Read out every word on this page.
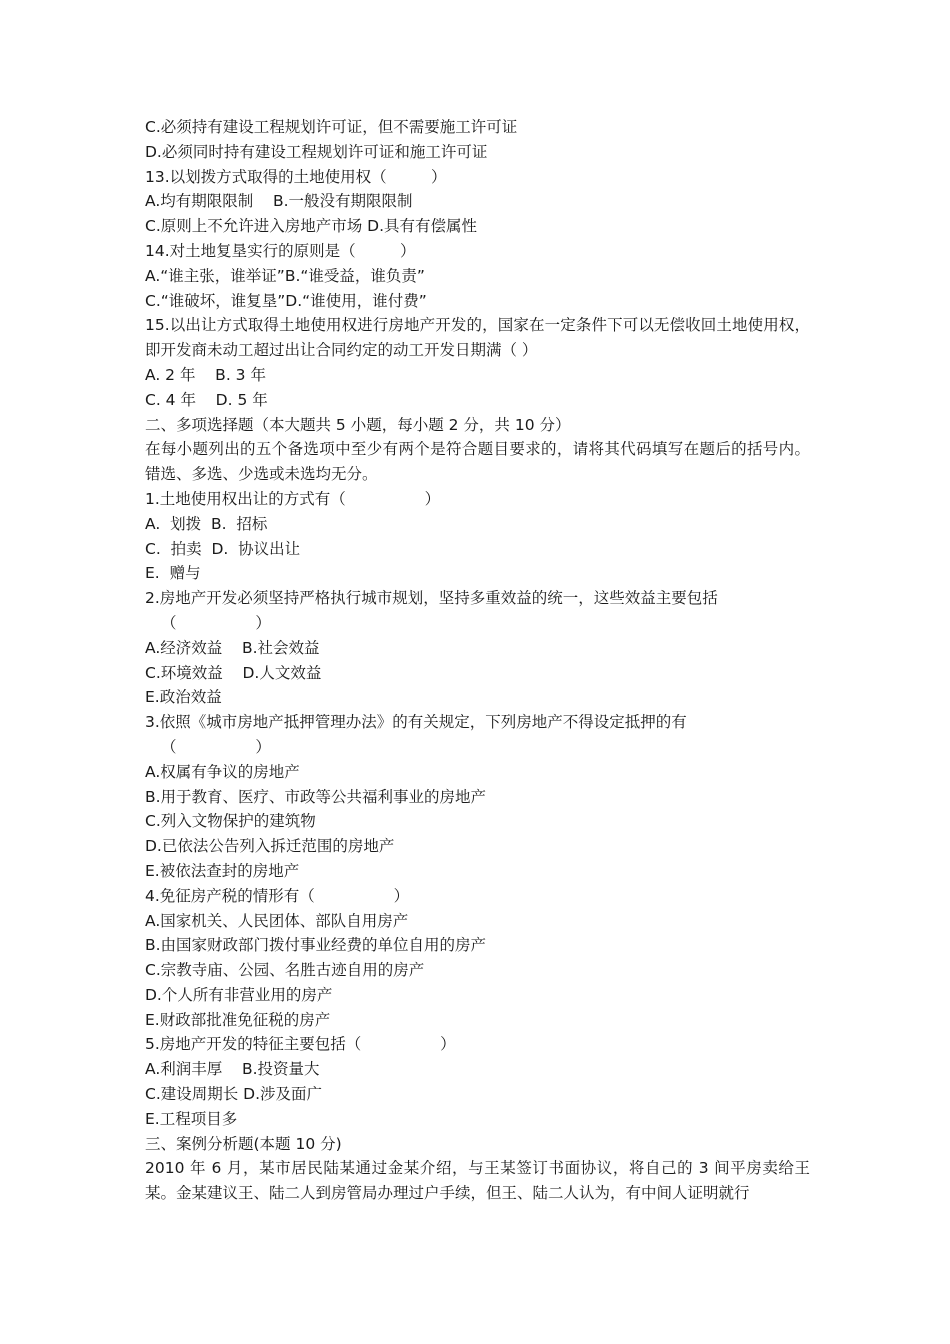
C.必须持有建设工程规划许可证，但不需要施工许可证
D.必须同时持有建设工程规划许可证和施工许可证
13.以划拨方式取得的土地使用权（         ）
A.均有期限限制    B.一般没有期限限制
C.原则上不允许进入房地产市场 D.具有有偿属性
14.对土地复垦实行的原则是（         ）
A.“谁主张，谁举证”B.“谁受益，谁负责”
C.“谁破坏，谁复垦”D.“谁使用，谁付费”
15.以出让方式取得土地使用权进行房地产开发的，国家在一定条件下可以无偿收回土地使用权，即开发商未动工超过出让合同约定的动工开发日期满（ ）
A. 2 年    B. 3 年
C. 4 年    D. 5 年
二、多项选择题（本大题共 5 小题，每小题 2 分，共 10 分）
在每小题列出的五个备选项中至少有两个是符合题目要求的，请将其代码填写在题后的括号内。错选、多选、少选或未选均无分。
1.土地使用权出让的方式有（                ）
A.  划拨  B.  招标
C.  拍卖  D.  协议出让
E.  赠与
2.房地产开发必须坚持严格执行城市规划，坚持多重效益的统一，这些效益主要包括
（                ）
A.经济效益    B.社会效益
C.环境效益    D.人文效益
E.政治效益
3.依照《城市房地产抵押管理办法》的有关规定，下列房地产不得设定抵押的有
（                ）
A.权属有争议的房地产
B.用于教育、医疗、市政等公共福利事业的房地产
C.列入文物保护的建筑物
D.已依法公告列入拆迁范围的房地产
E.被依法查封的房地产
4.免征房产税的情形有（                ）
A.国家机关、人民团体、部队自用房产
B.由国家财政部门拨付事业经费的单位自用的房产
C.宗教寺庙、公园、名胜古迹自用的房产
D.个人所有非营业用的房产
E.财政部批准免征税的房产
5.房地产开发的特征主要包括（                ）
A.利润丰厚    B.投资量大
C.建设周期长 D.涉及面广
E.工程项目多
三、案例分析题(本题 10 分)
2010 年 6 月，某市居民陆某通过金某介绍，与王某签订书面协议，将自己的 3 间平房卖给王某。金某建议王、陆二人到房管局办理过户手续，但王、陆二人认为，有中间人证明就行
